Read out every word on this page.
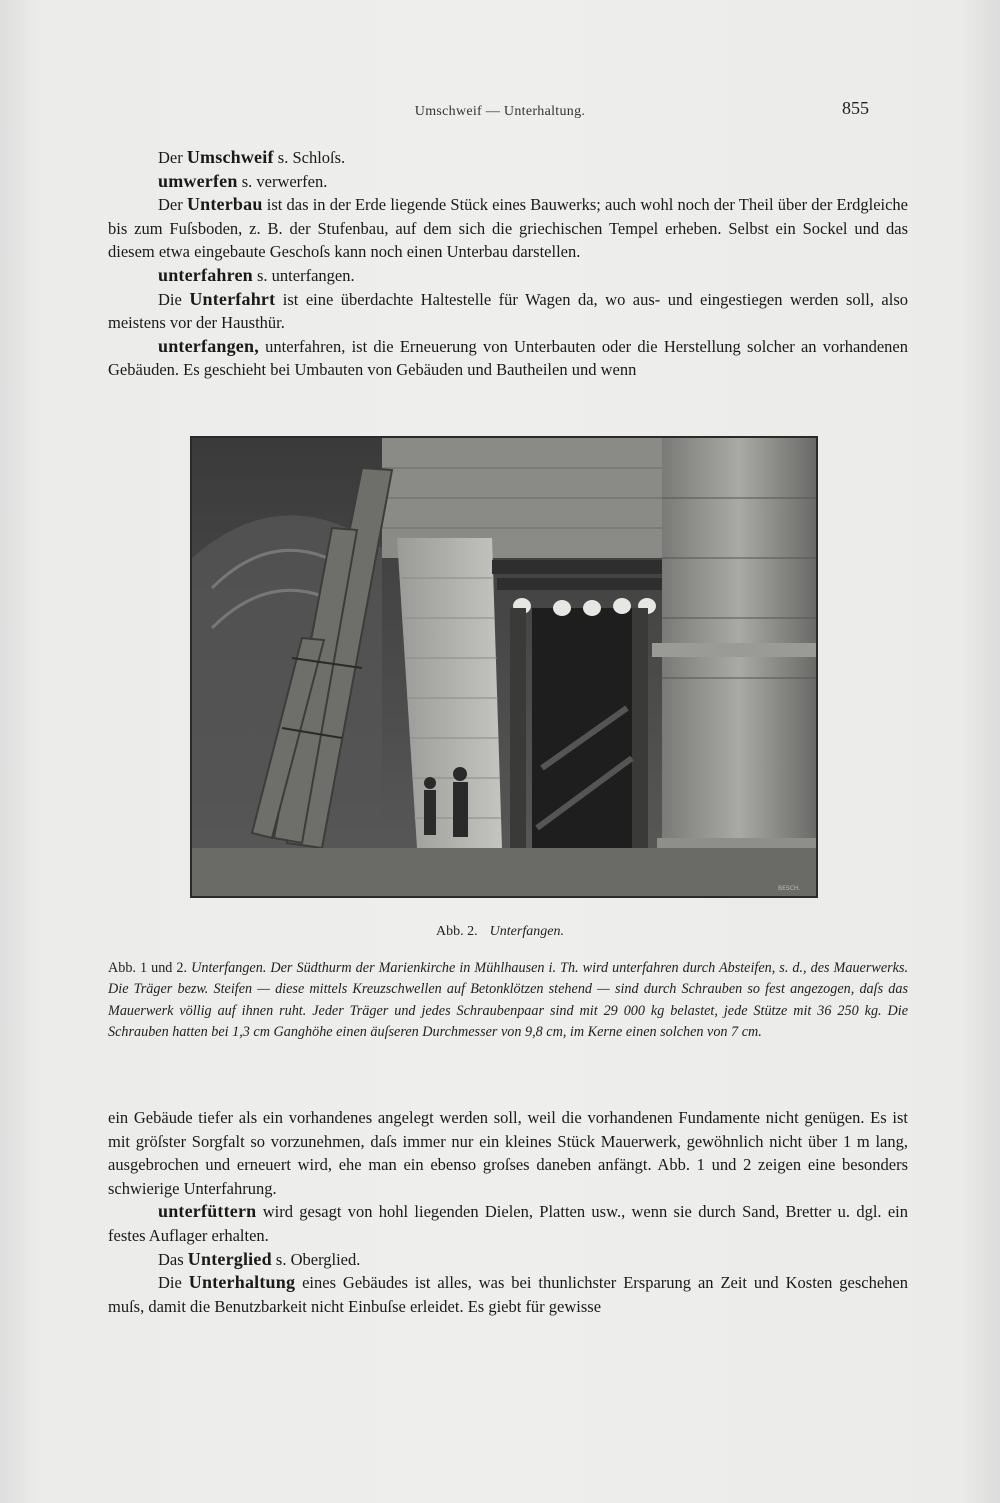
Umschweif — Unterhaltung.	855

Der Umschweif s. Schloſs.

umwerfen s. verwerfen.

Der Unterbau ist das in der Erde liegende Stück eines Bauwerks; auch wohl noch der Theil über der Erdgleiche bis zum Fuſsboden, z. B. der Stufenbau, auf dem sich die griechischen Tempel erheben. Selbst ein Sockel und das diesem etwa eingebaute Geschoſs kann noch einen Unterbau darstellen.

unterfahren s. unterfangen.

Die Unterfahrt ist eine überdachte Haltestelle für Wagen da, wo aus- und eingestiegen werden soll, also meistens vor der Hausthür.

unterfangen, unterfahren, ist die Erneuerung von Unterbauten oder die Herstellung solcher an vorhandenen Gebäuden. Es geschieht bei Umbauten von Gebäuden und Bautheilen und wenn

BESCH.
Abb. 2. Unterfangen.
Abb. 1 und 2. Unterfangen. Der Südthurm der Marienkirche in Mühlhausen i. Th. wird unterfahren durch Absteifen, s. d., des Mauerwerks. Die Träger bezw. Steifen — diese mittels Kreuzschwellen auf Betonklötzen stehend — sind durch Schrauben so fest angezogen, daſs das Mauerwerk völlig auf ihnen ruht. Jeder Träger und jedes Schraubenpaar sind mit 29 000 kg belastet, jede Stütze mit 36 250 kg. Die Schrauben hatten bei 1,3 cm Ganghöhe einen äuſseren Durchmesser von 9,8 cm, im Kerne einen solchen von 7 cm.

ein Gebäude tiefer als ein vorhandenes angelegt werden soll, weil die vorhandenen Fundamente nicht genügen. Es ist mit gröſster Sorgfalt so vorzunehmen, daſs immer nur ein kleines Stück Mauerwerk, gewöhnlich nicht über 1 m lang, ausgebrochen und erneuert wird, ehe man ein ebenso groſses daneben anfängt. Abb. 1 und 2 zeigen eine besonders schwierige Unterfahrung.

unterfüttern wird gesagt von hohl liegenden Dielen, Platten usw., wenn sie durch Sand, Bretter u. dgl. ein festes Auflager erhalten.

Das Unterglied s. Oberglied.

Die Unterhaltung eines Gebäudes ist alles, was bei thunlichster Ersparung an Zeit und Kosten geschehen muſs, damit die Benutzbarkeit nicht Einbuſse erleidet. Es giebt für gewisse
